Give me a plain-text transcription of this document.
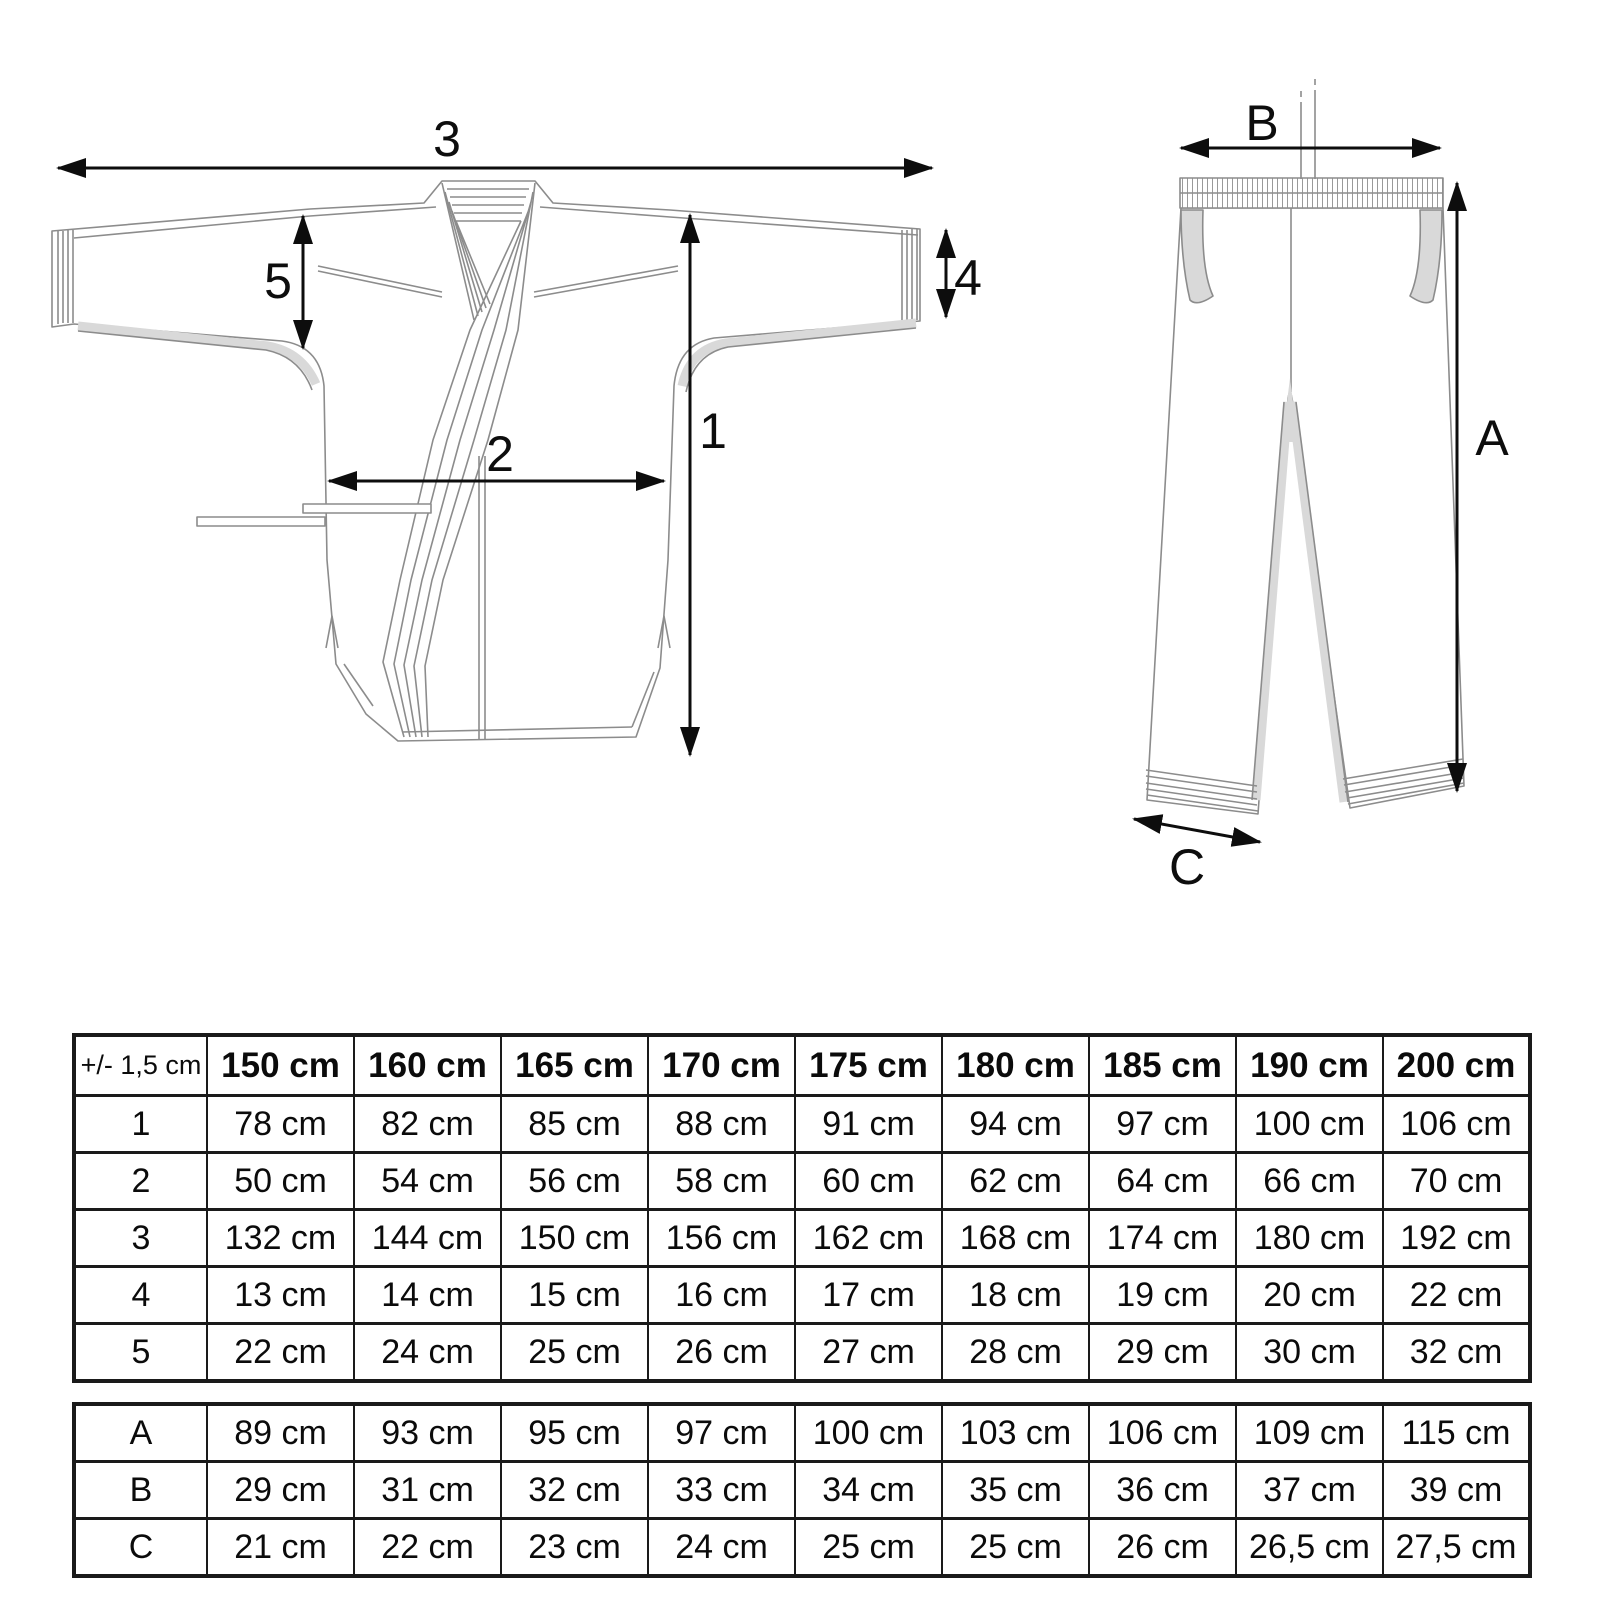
3
5
1
2
4
B
A
C
+/- 1,5 cm	150 cm	160 cm	165 cm	170 cm	175 cm	180 cm	185 cm	190 cm	200 cm
1	78 cm	82 cm	85 cm	88 cm	91 cm	94 cm	97 cm	100 cm	106 cm
2	50 cm	54 cm	56 cm	58 cm	60 cm	62 cm	64 cm	66 cm	70 cm
3	132 cm	144 cm	150 cm	156 cm	162 cm	168 cm	174 cm	180 cm	192 cm
4	13 cm	14 cm	15 cm	16 cm	17 cm	18 cm	19 cm	20 cm	22 cm
5	22 cm	24 cm	25 cm	26 cm	27 cm	28 cm	29 cm	30 cm	32 cm
A	89 cm	93 cm	95 cm	97 cm	100 cm	103 cm	106 cm	109 cm	115 cm
B	29 cm	31 cm	32 cm	33 cm	34 cm	35 cm	36 cm	37 cm	39 cm
C	21 cm	22 cm	23 cm	24 cm	25 cm	25 cm	26 cm	26,5 cm	27,5 cm
